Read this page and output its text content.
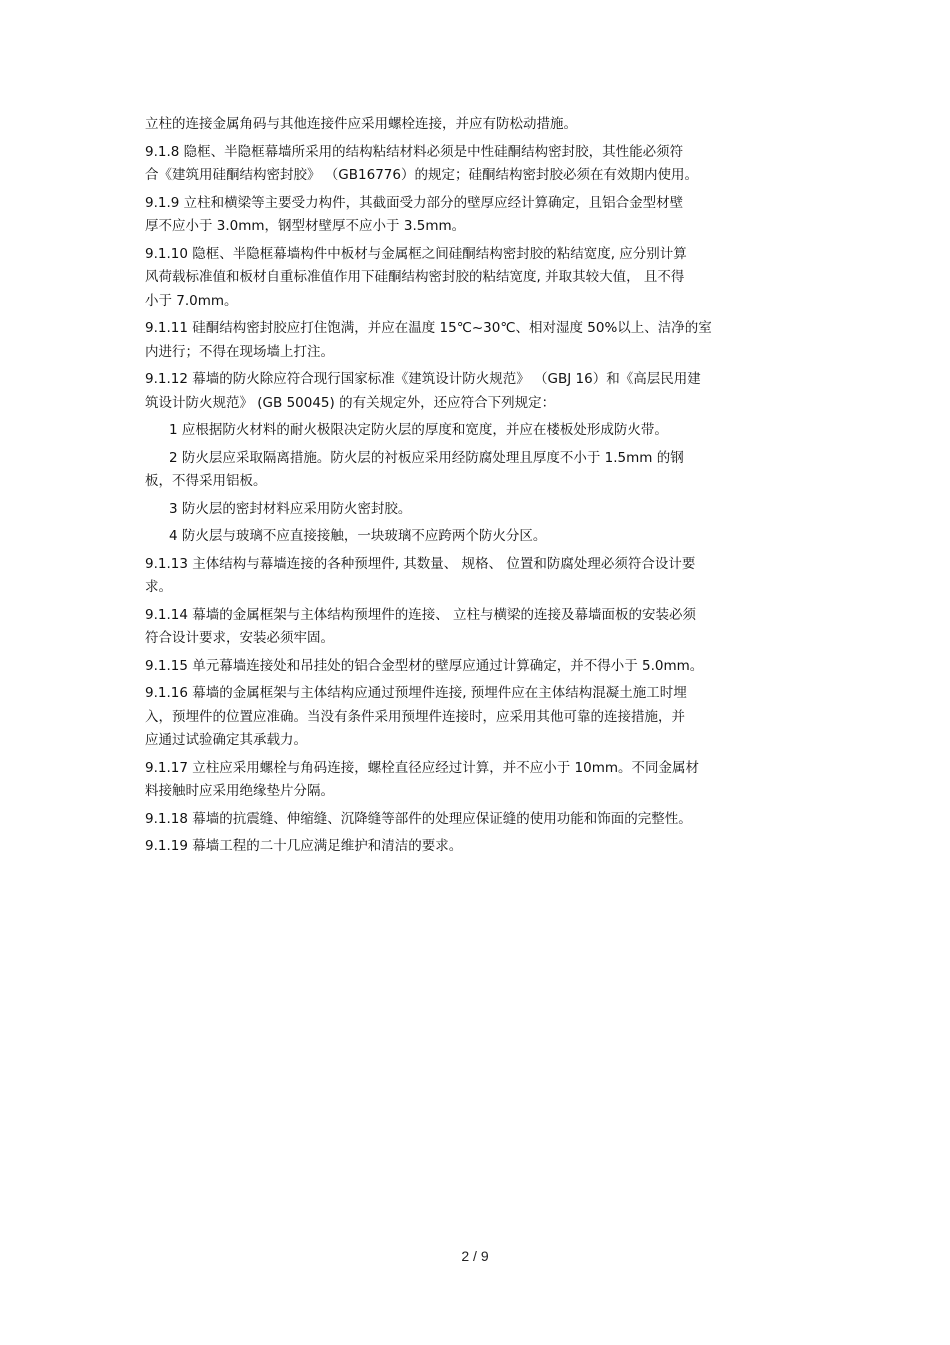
立柱的连接金属角码与其他连接件应采用螺栓连接，并应有防松动措施。
9.1.8 隐框、半隐框幕墙所采用的结构粘结材料必须是中性硅酮结构密封胶，其性能必须符
合《建筑用硅酮结构密封胶》 （GB16776）的规定；硅酮结构密封胶必须在有效期内使用。
9.1.9 立柱和横梁等主要受力构件，其截面受力部分的壁厚应经计算确定，且铝合金型材壁
厚不应小于 3.0mm，钢型材壁厚不应小于 3.5mm。
9.1.10 隐框、半隐框幕墙构件中板材与金属框之间硅酮结构密封胶的粘结宽度, 应分别计算
风荷载标准值和板材自重标准值作用下硅酮结构密封胶的粘结宽度, 并取其较大值， 且不得
小于 7.0mm。
9.1.11 硅酮结构密封胶应打住饱满，并应在温度 15℃~30℃、相对湿度 50%以上、洁净的室
内进行；不得在现场墙上打注。
9.1.12 幕墙的防火除应符合现行国家标准《建筑设计防火规范》 （GBJ 16）和《高层民用建
筑设计防火规范》 (GB 50045) 的有关规定外，还应符合下列规定：
1 应根据防火材料的耐火极限决定防火层的厚度和宽度，并应在楼板处形成防火带。
2 防火层应采取隔离措施。防火层的衬板应采用经防腐处理且厚度不小于 1.5mm 的钢
板，不得采用铝板。
3 防火层的密封材料应采用防火密封胶。
4 防火层与玻璃不应直接接触，一块玻璃不应跨两个防火分区。
9.1.13 主体结构与幕墙连接的各种预埋件, 其数量、 规格、 位置和防腐处理必须符合设计要
求。
9.1.14 幕墙的金属框架与主体结构预埋件的连接、 立柱与横梁的连接及幕墙面板的安装必须
符合设计要求，安装必须牢固。
9.1.15 单元幕墙连接处和吊挂处的铝合金型材的壁厚应通过计算确定，并不得小于 5.0mm。
9.1.16 幕墙的金属框架与主体结构应通过预埋件连接, 预埋件应在主体结构混凝土施工时埋
入，预埋件的位置应准确。当没有条件采用预埋件连接时，应采用其他可靠的连接措施，并
应通过试验确定其承载力。
9.1.17 立柱应采用螺栓与角码连接，螺栓直径应经过计算，并不应小于 10mm。不同金属材
料接触时应采用绝缘垫片分隔。
9.1.18 幕墙的抗震缝、伸缩缝、沉降缝等部件的处理应保证缝的使用功能和饰面的完整性。
9.1.19 幕墙工程的二十几应满足维护和清洁的要求。
2 / 9
